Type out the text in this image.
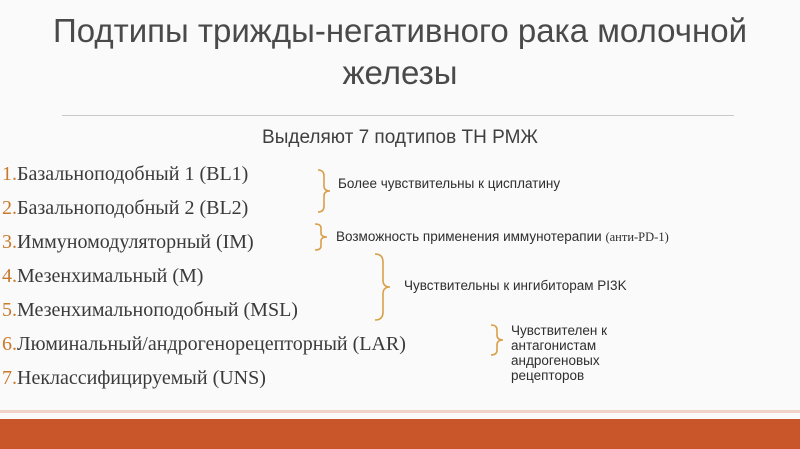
Подтипы трижды-негативного рака молочной железы
Выделяют 7 подтипов ТН РМЖ
1.Базальноподобный 1 (BL1)
2.Базальноподобный 2 (BL2)
3.Иммуномодуляторный (IM)
4.Мезенхимальный (M)
5.Мезенхимальноподобный (MSL)
6.Люминальный/андрогенорецепторный (LAR)
7.Неклассифицируемый (UNS)
Более чувствительны к цисплатину
Возможность применения иммунотерапии (анти-PD-1)
Чувствительны к ингибиторам PI3K
Чувствителен к антагонистам андрогеновых рецепторов
